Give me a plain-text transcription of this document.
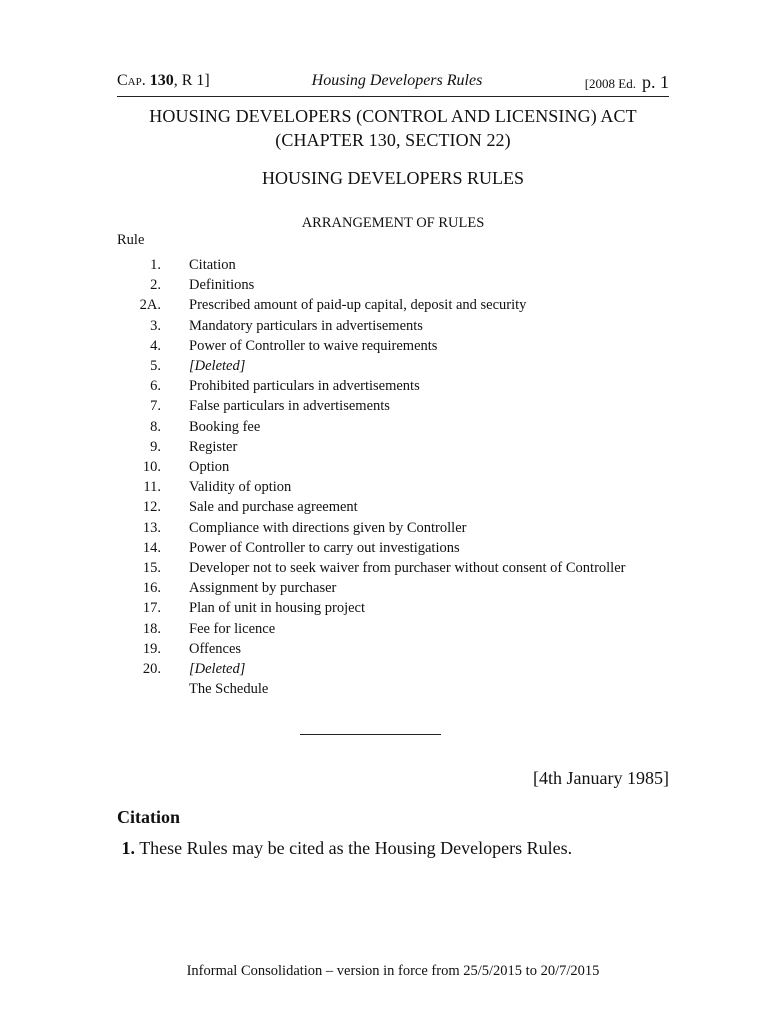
Cap. 130, R 1]	Housing Developers Rules	[2008 Ed. p. 1
HOUSING DEVELOPERS (CONTROL AND LICENSING) ACT
(CHAPTER 130, SECTION 22)
HOUSING DEVELOPERS RULES
ARRANGEMENT OF RULES
Rule
1. Citation
2. Definitions
2A. Prescribed amount of paid-up capital, deposit and security
3. Mandatory particulars in advertisements
4. Power of Controller to waive requirements
5. [Deleted]
6. Prohibited particulars in advertisements
7. False particulars in advertisements
8. Booking fee
9. Register
10. Option
11. Validity of option
12. Sale and purchase agreement
13. Compliance with directions given by Controller
14. Power of Controller to carry out investigations
15. Developer not to seek waiver from purchaser without consent of Controller
16. Assignment by purchaser
17. Plan of unit in housing project
18. Fee for licence
19. Offences
20. [Deleted]
The Schedule
[4th January 1985]
Citation
1. These Rules may be cited as the Housing Developers Rules.
Informal Consolidation – version in force from 25/5/2015 to 20/7/2015
